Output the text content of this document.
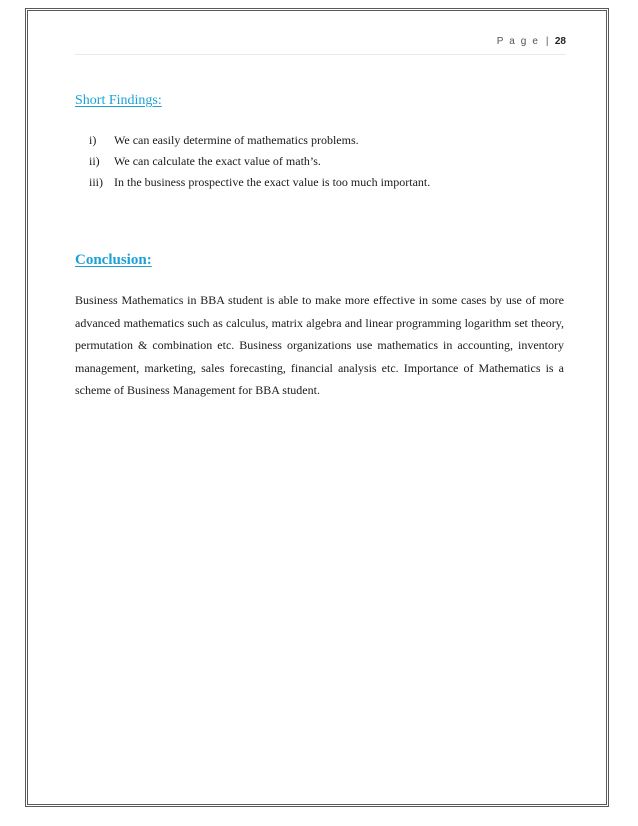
P a g e | 28
Short Findings:
i)	We can easily determine of mathematics problems.
ii)	We can calculate the exact value of math’s.
iii) In the business prospective the exact value is too much important.
Conclusion:

Business Mathematics in BBA student is able to make more effective in some cases by use of more advanced mathematics such as calculus, matrix algebra and linear programming logarithm set theory, permutation & combination etc. Business organizations use mathematics in accounting, inventory management, marketing, sales forecasting, financial analysis etc. Importance of Mathematics is a scheme of Business Management for BBA student.
